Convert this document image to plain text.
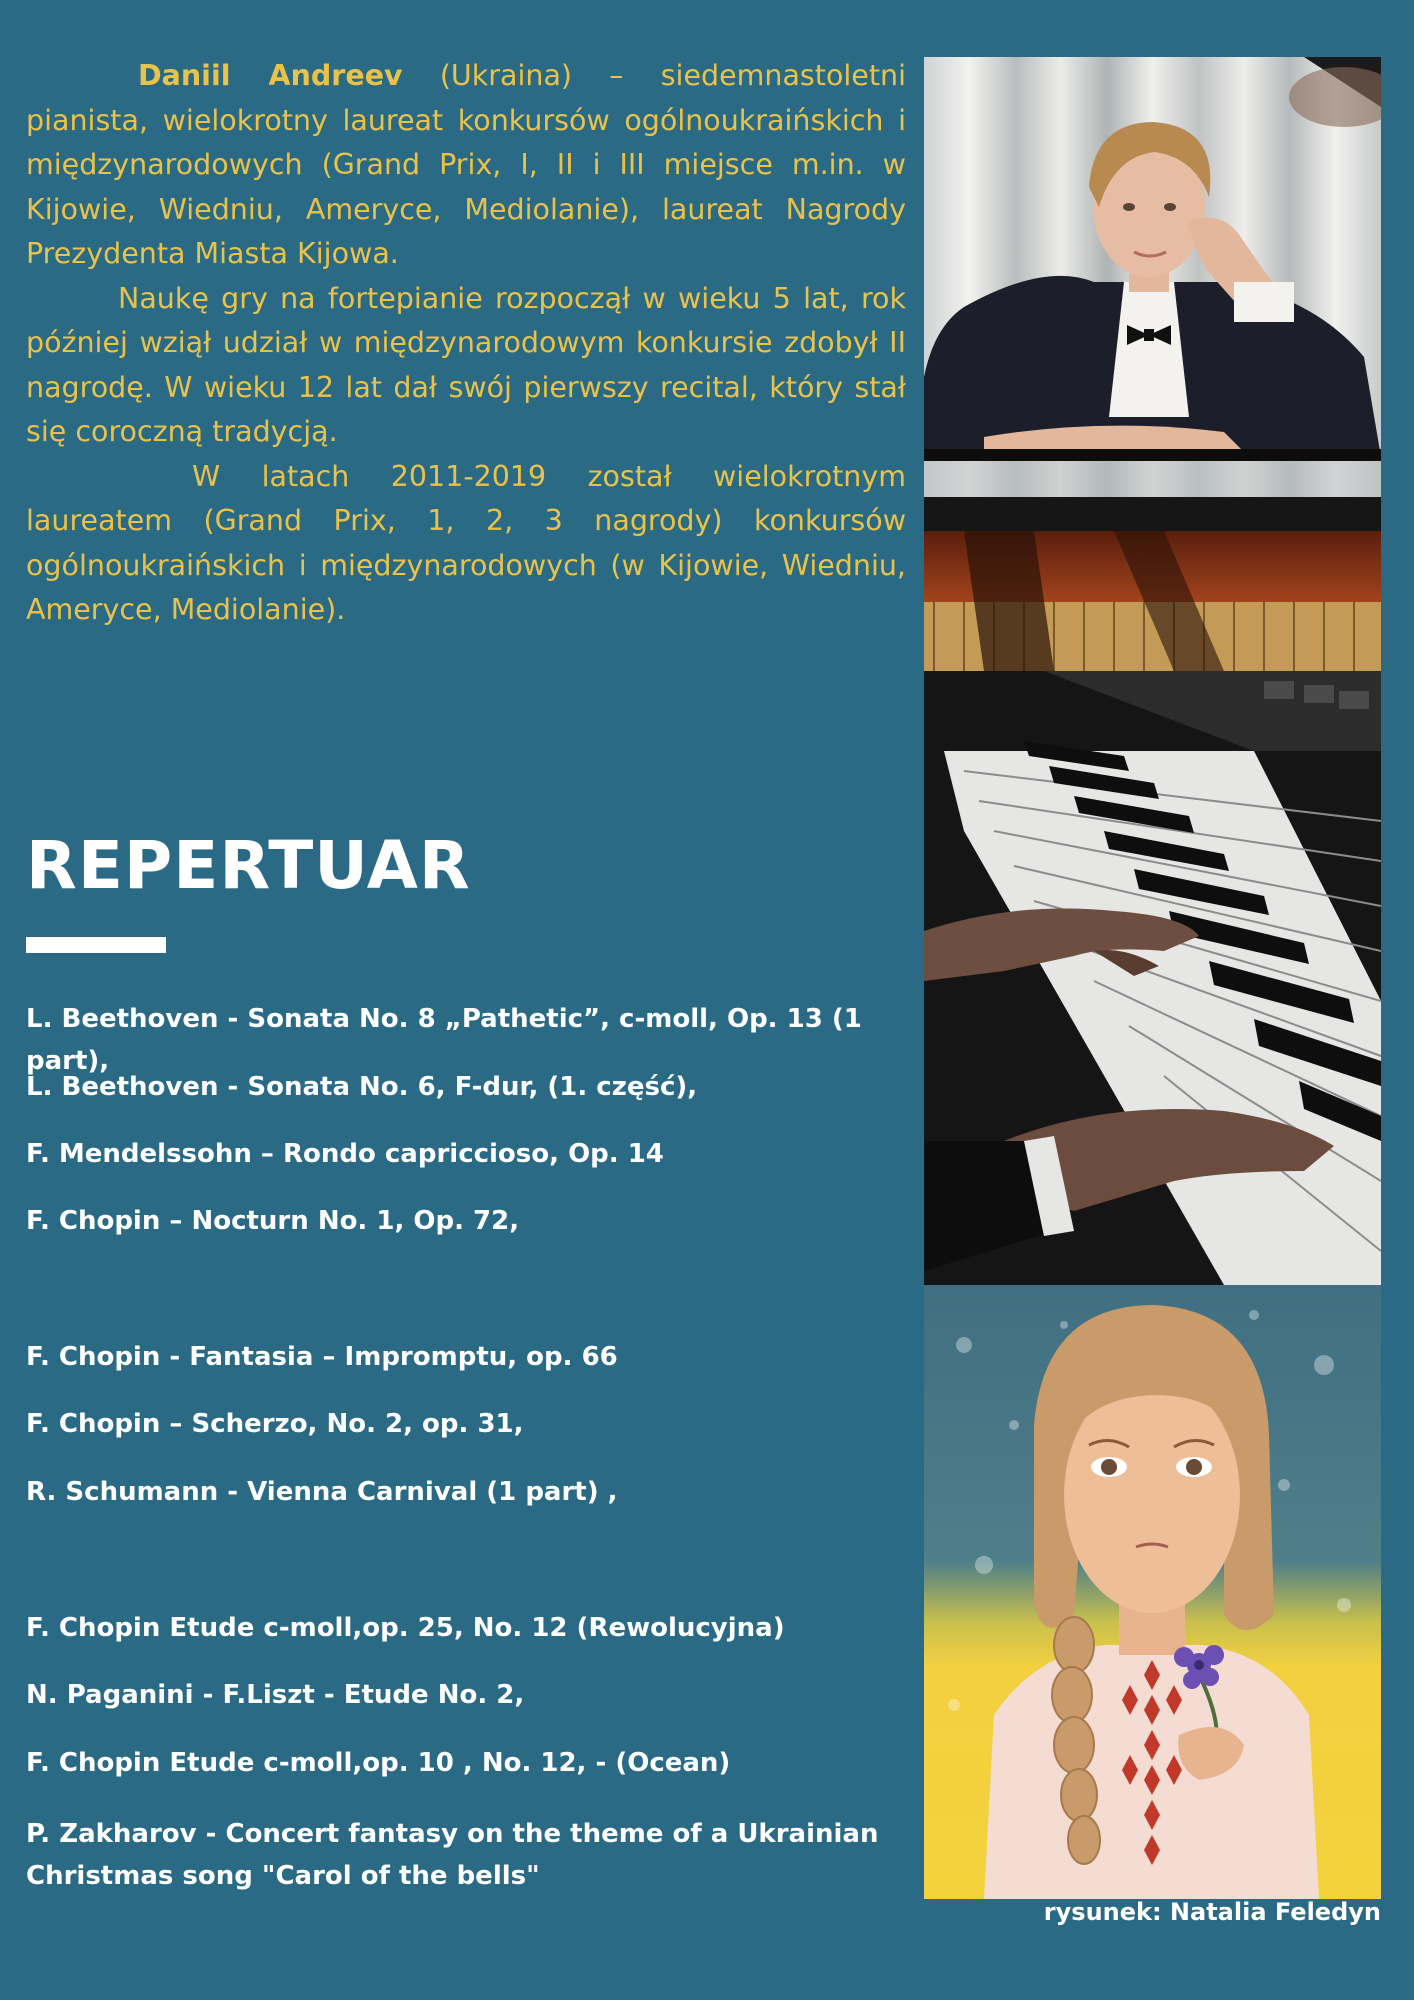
Daniil Andreev (Ukraina) – siedemnastoletni pianista, wielokrotny laureat konkursów ogólnoukraińskich i międzynarodowych (Grand Prix, I, II i III miejsce m.in. w Kijowie, Wiedniu, Ameryce, Mediolanie), laureat Nagrody Prezydenta Miasta Kijowa.

Naukę gry na fortepianie rozpoczął w wieku 5 lat, rok później wziął udział w międzynarodowym konkursie zdobył II nagrodę. W wieku 12 lat dał swój pierwszy recital, który stał się coroczną tradycją.

W latach 2011-2019 został wielokrotnym laureatem (Grand Prix, 1, 2, 3 nagrody) konkursów ogólnoukraińskich i międzynarodowych (w Kijowie, Wiedniu, Ameryce, Mediolanie).

REPERTUAR
L. Beethoven - Sonata No. 8 „Pathetic”, c-moll, Op. 13 (1 part),
L. Beethoven - Sonata No. 6, F-dur, (1. część),
F. Mendelssohn – Rondo capriccioso, Op. 14
F. Chopin – Nocturn No. 1, Op. 72,
F. Chopin - Fantasia – Impromptu, op. 66
F. Chopin – Scherzo, No. 2, op. 31,
R. Schumann - Vienna Carnival (1 part) ,
F. Chopin Etude c-moll,op. 25, No. 12 (Rewolucyjna)
N. Paganini - F.Liszt - Etude No. 2,
F. Chopin Etude c-moll,op. 10 , No. 12, - (Ocean)
P. Zakharov - Concert fantasy on the theme of a Ukrainian Christmas song "Carol of the bells"
rysunek: Natalia Feledyn
